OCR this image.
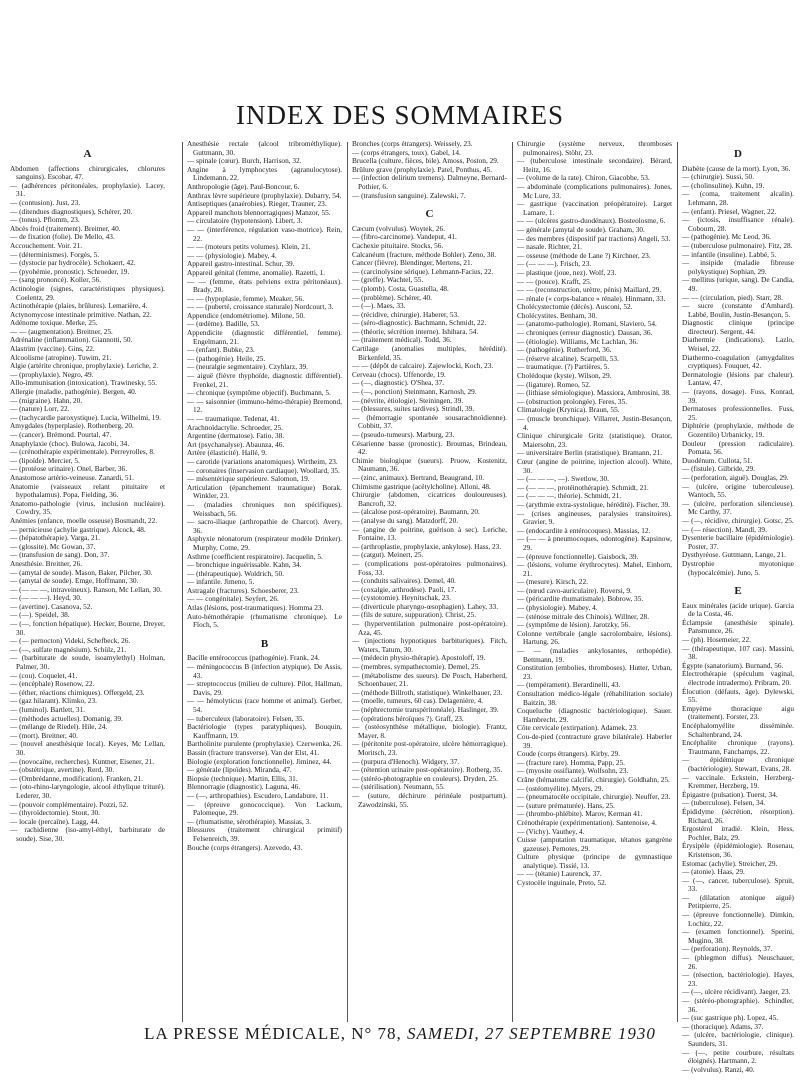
INDEX DES SOMMAIRES
A
Abdomen (affections chirurgicales, chlorures sanguins). Escobar, 47.
— (adhérences péritonéales, prophylaxie). Lacey, 31.
— (contusion). Just, 23.
— (ditendues diagnostiques), Schérer, 20.
— (tonus). Pflomm, 23.
Abcès froid (traitement). Breitner, 40.
— de fixation (folie). De Mello, 43.
Accouchement. Voir. 21.
— (déterminismes). Forgès, 5.
— (dystocie par hydrocèle). Schokaert, 42.
— (pyohémie, pronostic). Schroeder, 19.
— (sang prononcé). Koller, 56.
Actinologie (signes, caractéristiques physiques). Coelentz, 29.
Actinothérapie (plaies, brûlures). Lemarière, 4.
Actynomycose intestinale primitive. Nathan, 22.
Adénome toxique. Merke, 25.
— — (augmentation). Breitner, 25.
Adrénaline (inflammation). Giannotti, 50.
Alastrim (vaccine). Gins, 22.
Alcoolisme (atropine). Tuwim, 21.
Algie (artérite chronique, prophylaxie). Leriche, 2.
— (prophylaxie). Negro, 49.
Allo-immunisation (intoxication). Trawinesky, 55.
Allergie (maladie, pathogénie). Bergen, 40.
— (migraine). Hahn, 20.
— (nature) Lorr, 22.
— (tachycardie paroxystique). Lucia, Wilhelmi, 19.
Amygdales (hyperplasie). Rothenberg, 20.
— (cancer). Brémond. Pourtal, 47.
Anaphylaxie (choc). Bulowa, Jacobi, 34.
— (crénothérapie expérimentale). Perreyrolles, 8.
— (lipoïde). Mercier, 5.
— (protéose urinaire). Onel, Barber, 36.
Anastomose artério-veineuse. Zanardi, 51.
Anatomie (vaisseaux relant pituitaire et hypothalamus). Popa, Fielding, 36.
Anatomo-pathologie (virus, inclusion nucléaire). Cowdry, 35.
Anémies (enfance, moelle osseuse) Bosmandt, 22.
— pernicieuse (achylie gastrique). Alcock, 48.
— (hépatothérapie). Varga, 21.
— (glossite). Mc Gowan, 37.
— (transfusion de sang). Don, 37.
Anesthésie. Breitner, 26.
— (amytal de soude). Mason, Baker, Pilcher, 30.
— (amytal de soude). Emge, Hoffmann, 30.
— (— — —, intraveineux). Ranson, Mc Lellan, 30.
— (— — —). Heyd, 30.
— (avertine). Casanova, 52.
— (—). Speidel, 38.
— (—, fonction hépatique). Hecker, Bourne, Dreyer, 30.
— (— pernocton) Videki, Schefbeck, 26.
— (—, sulfate magnésium). Schülz, 21.
— (barbiturate de soude, isoamylethyl) Holman, Palmer, 30.
— (cou). Coquelet, 41.
— (encéphale) Rosenow, 22.
— (éther, réactions chimiques). Offergeld, 23.
— (gaz hilarant). Klimko, 23.
— (luminol). Bartlett, 31.
— (méthodes actuelles). Domanig, 39.
— (mélange de Riedel). Hile, 24.
— (mort). Breitner, 40.
— (nouvel anesthésique local). Keyes, Mc Lellan, 30.
— (novocaïne, recherches). Kuntner, Eisener, 21.
— (obstétrique, avertine). Rerd, 30.
— (Ombrédanne, modification). Franken, 21.
— (oto-rhino-laryngologie, alcool éthylique trituré). Lederer, 30.
— (pouvoir complémentaire). Pozzi, 52.
— (thyroïdectomie). Stout, 30.
— locale (percaïne). Lagg, 44.
— rachidienne (iso-amyl-éthyl, barbiturate de soude). Sise, 30.
Anesthésie rectale (alcool tribrométhylique). Guttmann, 30.
— spinale (cœur). Burch, Harrison, 32.
Angine à lymphocytes (agranulocytose). Lindemann, 22.
Anthropologie (âge). Paul-Boncour, 6.
Anthrax lèvre supérieure (prophylaxie). Dubarry, 54.
Antiseptiques (anaérobies). Rieger, Trauner, 23.
Appareil manchots blennorragiques) Manzor, 55.
— circulatoire (hypotension). Libert, 3.
— — (interférence, régulation vaso-motrice). Rein, 22.
— — (moteurs petits volumes). Klein, 21.
— — (physiologie). Mabey, 4.
Appareil gastro-intestinal. Schur, 39.
Appareil génital (femme, anomalie). Razetti, 1.
— — (femme, états pelviens extra péritonéaux). Brady, 20.
— — (hypoplasie, femme). Meaker, 56.
— — (puberté, croissance staturale) Nordcourt, 3.
Appendice (endométriome). Milone, 50.
— (œdème). Badille, 53.
Appendicite (diagnostic différentiel, femme). Engelmann, 21.
— (enfant). Bubke, 23.
— (pathogénie). Heile, 25.
— (neuralgie segmentaire). Czyhlarz, 39.
— aiguë (fièvre thyphoïde, diagnostic différentiel). Frenkel, 21.
— chronique (symptôme objectif). Buchmann, 5.
— — saisonnier (immuno-hémo-thérapie) Bremond, 12.
— — traumatique. Tedenat, 41.
Arachnoïdactylie. Schroeder, 25.
Argentine (dermatose). Fatio, 38.
Art (psychanalyse). Abaunza, 46.
Artère (élasticité). Hallé, 9.
— carotide (variations anatomiques). Wirtheim, 23.
— coronaires (inservasion cardiaque). Woollard, 35.
— mésentérique supérieure. Salomon, 19.
Articulation (épanchement traumatique) Borak. Winkler, 23.
— (maladies chroniques non spécifiques). Weissbach, 56.
— sacro-iliaque (arthropathie de Charcot). Avery, 36.
Asphyxie néonatorum (respirateur modèle Drinker). Murphy, Cotne, 29.
Asthme (coefficient respiratoire). Jacquelin, 5.
— bronchique inguérissable. Kahn, 34.
— (thérapeutique). Woldrich, 50.
— infantile. Jimeno, 5.
Astragale (fractures). Schoesberer, 23.
— — congénitale). Seyfert, 26.
Atlas (lésions, post-traumatiques). Homma 23.
Auto-hémothérapie (rhumatisme chronique). Le Floch, 5.
B
Bacille entérococcus (pathogénie). Frank, 24.
— méningococcus B (infection atypique). De Assis, 43.
— streptococcus (milieu de culture). Pilot, Hallman, Davis, 29.
— — hémolyticus (race homme et animal). Gerber, 54.
— tuberculeux (laboratoire). Felsen, 35.
Bactériologie (types paratyphiques). Bouquin, Kauffmann, 19.
Bartholinite purulente (prophylaxie). Czerwenka, 26.
Bassin (fracture transverse). Van der Elst, 41.
Biologie (exploration fonctionnelle). Jiminez, 44.
— générale (lipoïdes). Miranda, 47.
Biopsie (technique). Martin, Ellis, 31.
Blennorragie (diagnostic). Laguna, 46.
— (—, arthropathies). Escudero, Landabure, 11.
— (épreuve gonococcique). Von Lackum, Palomeque, 29.
— (rhumatisme, sérothérapie). Massias, 3.
Blessures (traitement chirurgical primitif) Felsenreich, 39.
Bouche (corps étrangers). Azevedo, 43.
Bronches (corps étrangers). Weissely, 23.
— (corps étrangers, toux). Gabel, 14.
Brucella (culture, fièces, bile). Amoss, Poston, 29.
Brûlure grave (prophylaxie). Patel, Ponthus, 45.
— (infection delirium tremens). Dalmeyne, Bernard-Pothier, 6.
— (transfusion sanguine). Zalewski, 7.
C
Cæcum (volvulus). Woytek, 26.
— (fibro-carcinome). Vandeput, 41.
Cachexie pituitaire. Stocks, 56.
Calcanéum (fracture, méthode Bohler). Zeno, 38.
Cancer (fièvre). Blendinger, Mertens, 21.
— (carcinolysine sérique). Lehmann-Facius, 22.
— (greffe). Wachtel, 55.
— (plomb). Costa, Guastella, 48.
— (problème). Schérer, 40.
— (—). Maes, 33.
— (récidive, chirurgie). Haberer, 53.
— (séro-diagnostic). Bachmann, Schmidt, 22.
— (théorie, sécrétion interne). Ishihara, 54.
— (traitement médical). Todd, 36.
Cartilage (anomalies multiples, hérédité). Birkenfeld, 35.
— — (dépôt de calcaire). Zajewlocki, Koch, 23.
Cerveau (chocs). Uffenorde, 19.
— (—, diagnostic). O'Shea, 37.
— (—, ponction) Steinmann, Karnosh, 29.
— (névrite, étiologie). Steiningen, 39.
— (blessures, suites tardives). Strindl, 39.
— (hémorragie spontanée sousarachnoïdienne). Cobbitt, 37.
— (pseudo-tumeurs). Marburg, 23.
Césarienne basse (pronostic). Broumas, Brindeau, 42.
Chimie biologique (sueurs). Pruow, Kostenitz, Naumann, 36.
— (zinc, animaux). Bertrand, Beaugrand, 10.
Chimisme gastrique (acétylcholine). Alloni, 48.
Chirurgie (abdomen, cicatrices douloureuses). Bancroft, 32.
— (alcalose post-opératoire). Baumann, 20.
— (analyse du sang). Matzdorff, 20.
— (angine de poitrine, guérison à sec). Leriche, Fontaine, 13.
— (arthroplastie, prophylaxie, ankylose). Hass, 23.
— (catgut). Meinert, 25.
— (complications post-opératoires pulmonaires). Foss, 33.
— (conduits salivaires). Demel, 40.
— (coxalgie, arthrodèse). Paoli, 17.
— (cystotomie). Heynitschak, 23.
— (diverticule pharyngo-œsophagien). Lahey, 33.
— (fils de suture, suppuration). Christ, 25.
— (hyperventilation pulmonaire post-opératoire). Aza, 45.
— (injections hypnotiques barbituriques). Fitch, Waters, Tatum, 30.
— (médecin physio-thérapie). Apostoloff, 19.
— (membres, sympathectomie). Demel, 25.
— (métabolisme des sueurs). De Posch, Haberherd, Schoenbauer, 21.
— (méthode Billroth, statistique). Winkelbauer, 23.
— (moelle, tumeurs, 60 cas). Delagenière, 4.
— (néphrectomie transpéritonéale). Haslinger, 39.
— (opérations héroïques ?). Graff, 23.
— (ostéosynthèse métallique, biologie). Frantz, Mayer, 8.
— (péritonite post-opératoire, ulcère hémorragique). Moritsch, 23.
— (purpura d'Henoch). Widgery, 37.
— (rétention urinaire post-opératoire). Rotberg, 35.
— (stéréo-photographie en couleurs). Dryden, 25.
— (stérilisation). Neumann, 55.
— (suture, déchirure périnéale postpartum). Zawodzinski, 55.
Chirurgie (système nerveux, thromboses pulmonaires). Stöhr, 23.
— (tuberculose intestinale secondaire). Bérard, Heitz, 16.
— (volume de la rate). Chiron, Giacobbe, 53.
— abdominale (complications pulmonaires). Jones, Mc Lure, 33.
— gastrique (vaccination préopératoire). Larget Lamare, 1.
— — (ulcères gastro-duodénaux). Bosteolosme, 6.
— générale (amytal de soude). Graham, 30.
— des membres (dispositif par tractions) Angeli, 53.
— nasale. Richter, 21.
— osseuse (méthode de Lane ?) Kirchner, 23.
— (— — —). Frisch, 23.
— plastique (joue, nez). Wolf, 23.
— — (pouce). Krafft, 25.
— — (reconstruction, urètre, pénis) Maillard, 29.
— rénale (« corps-balance » rénale). Hinmann, 33.
Cholécystectomie (décès). Ausconi, 52.
Cholécystites. Benham, 30.
— (anatomo-pathologie). Romani, Slaviero, 54.
— chroniques (erreur diagnostic). Dausan, 36.
— (étiologie). Williams, Mc Lachlan, 36.
— (pathogénie). Rutherford, 36.
— (réserve alcaline). Scarpelli, 53.
— traumatique. (?) Partières, 5.
Cholédoque (kyste). Wilson, 29.
— (ligature). Romeo, 52.
— (lithiase sémiologique). Massiora, Ambrosini, 38.
— (obstruction prolongée). Feres, 35.
Climatologie (Krynica). Braun, 55.
— (muscle bronchique). Villarret, Justin-Besançon, 4.
Clinique chirurgicale Gritz (statistique). Orator, Maiersohn, 23.
— universitaire Berlin (statistique). Bramann, 21.
Cœur (angine de poitrine, injection alcool). White, 30.
— (— — —, —). Swetlow, 30.
— (— — —, protéinothérapie). Schmidt, 21.
— (— — —, théorie). Schmidt, 21.
— (arythmie extra-systolique, hérédité). Fischer, 39.
— (crises angineuses, paralysies transitoires). Gravier, 9.
— (endocardite à entérocoques). Massias, 12.
— (— — à pneumocoques, odontogène). Kapsinow, 29.
— (épreuve fonctionnelle). Gaisbock, 39.
— (lésions, volume érythrocytes). Mahel, Einhorn, 21.
— (mesure). Kirsch, 22.
— (nœud cavo-auriculaire). Roversi, 9.
— (péricardite rhumatismale). Bobrow, 35.
— (physiologie). Mabey, 4.
— (sténose mitrale des Chinois). Willner, 28.
— (symptôme de lésion). Jarotzky, 56.
Colonne vertébrale (angle sacrolombaire, lésions). Hartung, 26.
— — (maladies ankylosantes, orthopédie). Bettmann, 19.
Constitution (embolies, thromboses). Hutter, Urban, 23.
— (tempérament). Berardinelli, 43.
Consultation médico-légale (réhabilitation sociale) Baitzin, 38.
Coqueluche (diagnostic bactériologique). Sauer. Hambrecht, 29.
Côte cervicale (extirpation). Adamek, 23.
Cou-de-pied (contracture grave bilatérale). Haberler 39.
Coude (corps étrangers). Kirby, 29.
— (fracture rare). Homma, Papp, 25.
— (myosite ossifiante). Wolfsohn, 23.
Crâne (hématome calcifié, chirurgie). Goldhahn, 25.
— (ostéomyélite). Myers, 29.
— (pneumatocèle occipitale, chirurgie). Neuffer, 23.
— (suture prématurée). Hans, 25.
— (thrombo-phlébite). Marov, Kerman 41.
Crénothérapie (expérimentation). Santenoise, 4.
— (Vichy). Vauthey, 4.
Cuisse (amputation traumatique, tétanos gangrène gazeuse). Pernotes, 29.
Culture physique (principe de gymnastique analytique). Tissié, 13.
— — (tétanie) Laurenck, 37.
Cystocèle inguinale, Preto, 52.
D
Diabète (cause de la mort). Lyon, 36.
— (chirurgie). Sussi, 50.
— (cholinsuline). Kuhn, 19.
— (coma, traitement alcalin). Lehmann, 28.
— (enfant). Priesel, Wagner, 22.
— (ictosis, insuffisance rénale). Cobourn, 28.
— (pathogénie). Mc Leod, 36.
— (tuberculose pulmonaire). Fitz, 28.
— infantile (insuline). Labbé, 5.
— insipide (maladie fibreuse polykystique) Sophian, 29.
— mellitus (urique, sang). De Candia, 49.
— — (circulation, pied). Starr, 28.
— sucre (constante d'Ambard). Labbé, Boulin, Justin-Besançon, 5.
Diagnostic clinique (principe directeur). Sergent, 44.
Diathermie (indications). Lazlo, Weisel, 22.
Diathermo-coagulation (amygdalites cryptiques). Fouquet, 42.
Dermatologie (lésions par chaleur). Lantaw, 47.
— (rayons, dosage). Fuss, Konrad, 39.
Dermatoses professionnelles. Fuss, 25.
Diphtérie (prophylaxie, méthode de Gozentilo) Urbanicky, 19.
Douleur (pression radiculaire). Pomata, 56.
Duodénum. Cullota, 51.
— (fistule). Gilbride, 29.
— (perforation, aiguë). Douglas, 29.
— (ulcère, origine tuberculeuse). Wantoch, 55.
— (ulcère, perforation silencieuse). Mc Carthy, 37.
— (—, récidive, chirurgie). Gotsc, 25.
— (— résection). Mandl, 39.
Dysenterie bacillaire (épidémiologie). Poster, 37.
Dysthyréose. Guttmann, Lange, 21.
Dystrophie myotonique (hypocalcémie). Juno, 5.
E
Eaux minérales (acide urique). Garcia de la Costa, 46.
Éclampsie (anesthésie spinale). Pansmunce, 26.
— (ph). Hosemeier, 22.
— (thérapeutique, 107 cas). Massini, 38.
Égypte (sanatorium). Burnand, 56.
Électrothérapie (spéculum vaginal, électrode intradermo). Pribram, 20.
Élocution (défauts, âge). Dylewski, 55.
Empyème thoracique aigu (traitement). Forster, 23.
Encéphalomyélite disséminée. Schaltenbrand, 24.
Encéphalite chronique (rayons). Trautmann, Fanchamps, 22.
— épidémique chronique (bactériologie). Stewart, Evans, 28.
— vaccinale. Eckstein, Herzberg-Kremmer, Herzberg, 19.
Épigastre (pulsation). Tuerst, 34.
— (tuberculose). Felsen, 34.
Épididyme (sécrétion, résorption). Richard, 26.
Ergostérol irradié. Klein, Hess, Pochler, Balz, 29.
Érysipèle (épidémiologie). Rosenau, Kristenson, 36.
Estomac (achylie). Streicher, 29.
— (atonie). Haas, 29.
— (—, cancer, tuberculose). Spruit, 33.
— (dilatation atonique aiguë) Petitpierre, 25.
— (épreuve fonctionnelle). Dimkin, Lochitz, 22.
— (examen fonctionnel). Sperini, Mugino, 38.
— (perforation). Reynolds, 37.
— (phlegmon diffus). Neuschauer, 26.
— (résection, bactériologie). Hayes, 23.
— (—, ulcère récidivant). Jaeger, 23.
— (stéréo-photographie). Schindler, 36.
— (suc gastrique ph). Lopez, 45.
— (thoracique). Adams, 37.
— (ulcère, bactériologie, clinique). Saunders, 31.
— (—, petite courbure, résultats éloignés). Hartmann, 2.
— (volvulus). Ranzi, 40.
LA PRESSE MÉDICALE, N° 78, SAMEDI, 27 SEPTEMBRE 1930
